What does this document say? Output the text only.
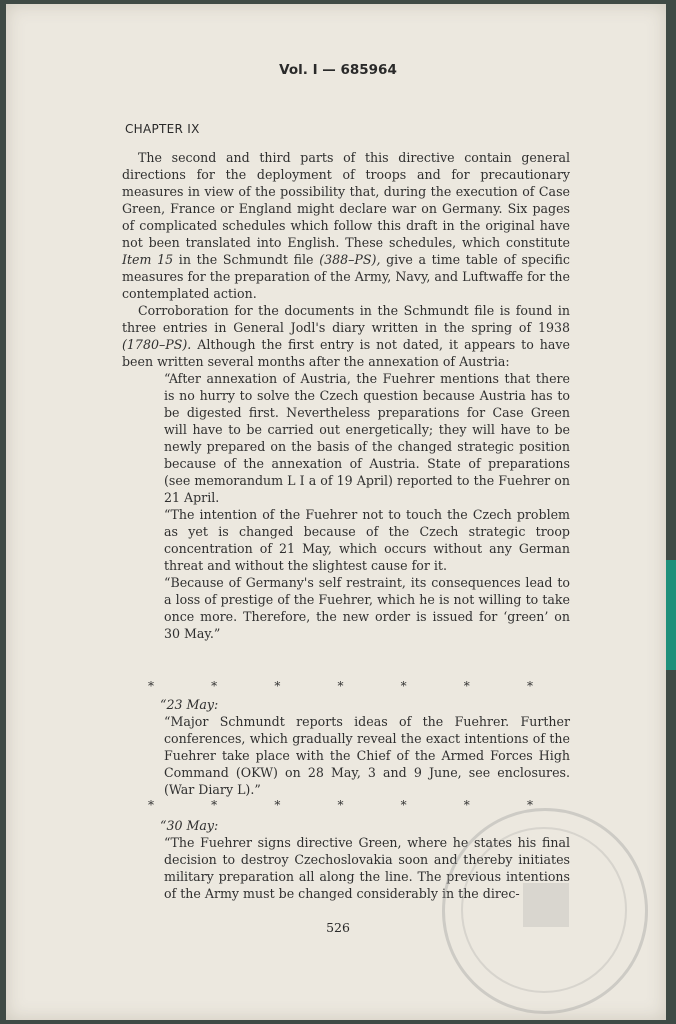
Vol. I — 685964
CHAPTER IX
The second and third parts of this directive contain general directions for the deployment of troops and for precautionary measures in view of the possibility that, during the execution of Case Green, France or England might declare war on Germany. Six pages of complicated schedules which follow this draft in the original have not been translated into English. These schedules, which constitute Item 15 in the Schmundt file (388–PS), give a time table of specific measures for the preparation of the Army, Navy, and Luftwaffe for the contemplated action.
Corroboration for the documents in the Schmundt file is found in three entries in General Jodl's diary written in the spring of 1938 (1780–PS). Although the first entry is not dated, it appears to have been written several months after the annexation of Austria:
“After annexation of Austria, the Fuehrer mentions that there is no hurry to solve the Czech question because Austria has to be digested first. Nevertheless preparations for Case Green will have to be carried out energetically; they will have to be newly prepared on the basis of the changed strategic position because of the annexation of Austria. State of preparations (see memorandum L I a of 19 April) reported to the Fuehrer on 21 April.
“The intention of the Fuehrer not to touch the Czech problem as yet is changed because of the Czech strategic troop concentration of 21 May, which occurs without any German threat and without the slightest cause for it.
“Because of Germany's self restraint, its consequences lead to a loss of prestige of the Fuehrer, which he is not willing to take once more. Therefore, the new order is issued for ‘green’ on 30 May.”
*	*	*	*	*	*	*
“23 May:
“Major Schmundt reports ideas of the Fuehrer. Further conferences, which gradually reveal the exact intentions of the Fuehrer take place with the Chief of the Armed Forces High Command (OKW) on 28 May, 3 and 9 June, see enclosures. (War Diary L).”
*	*	*	*	*	*	*
“30 May:
“The Fuehrer signs directive Green, where he states his final decision to destroy Czechoslovakia soon and thereby initiates military preparation all along the line. The previous intentions of the Army must be changed considerably in the direc-
526
